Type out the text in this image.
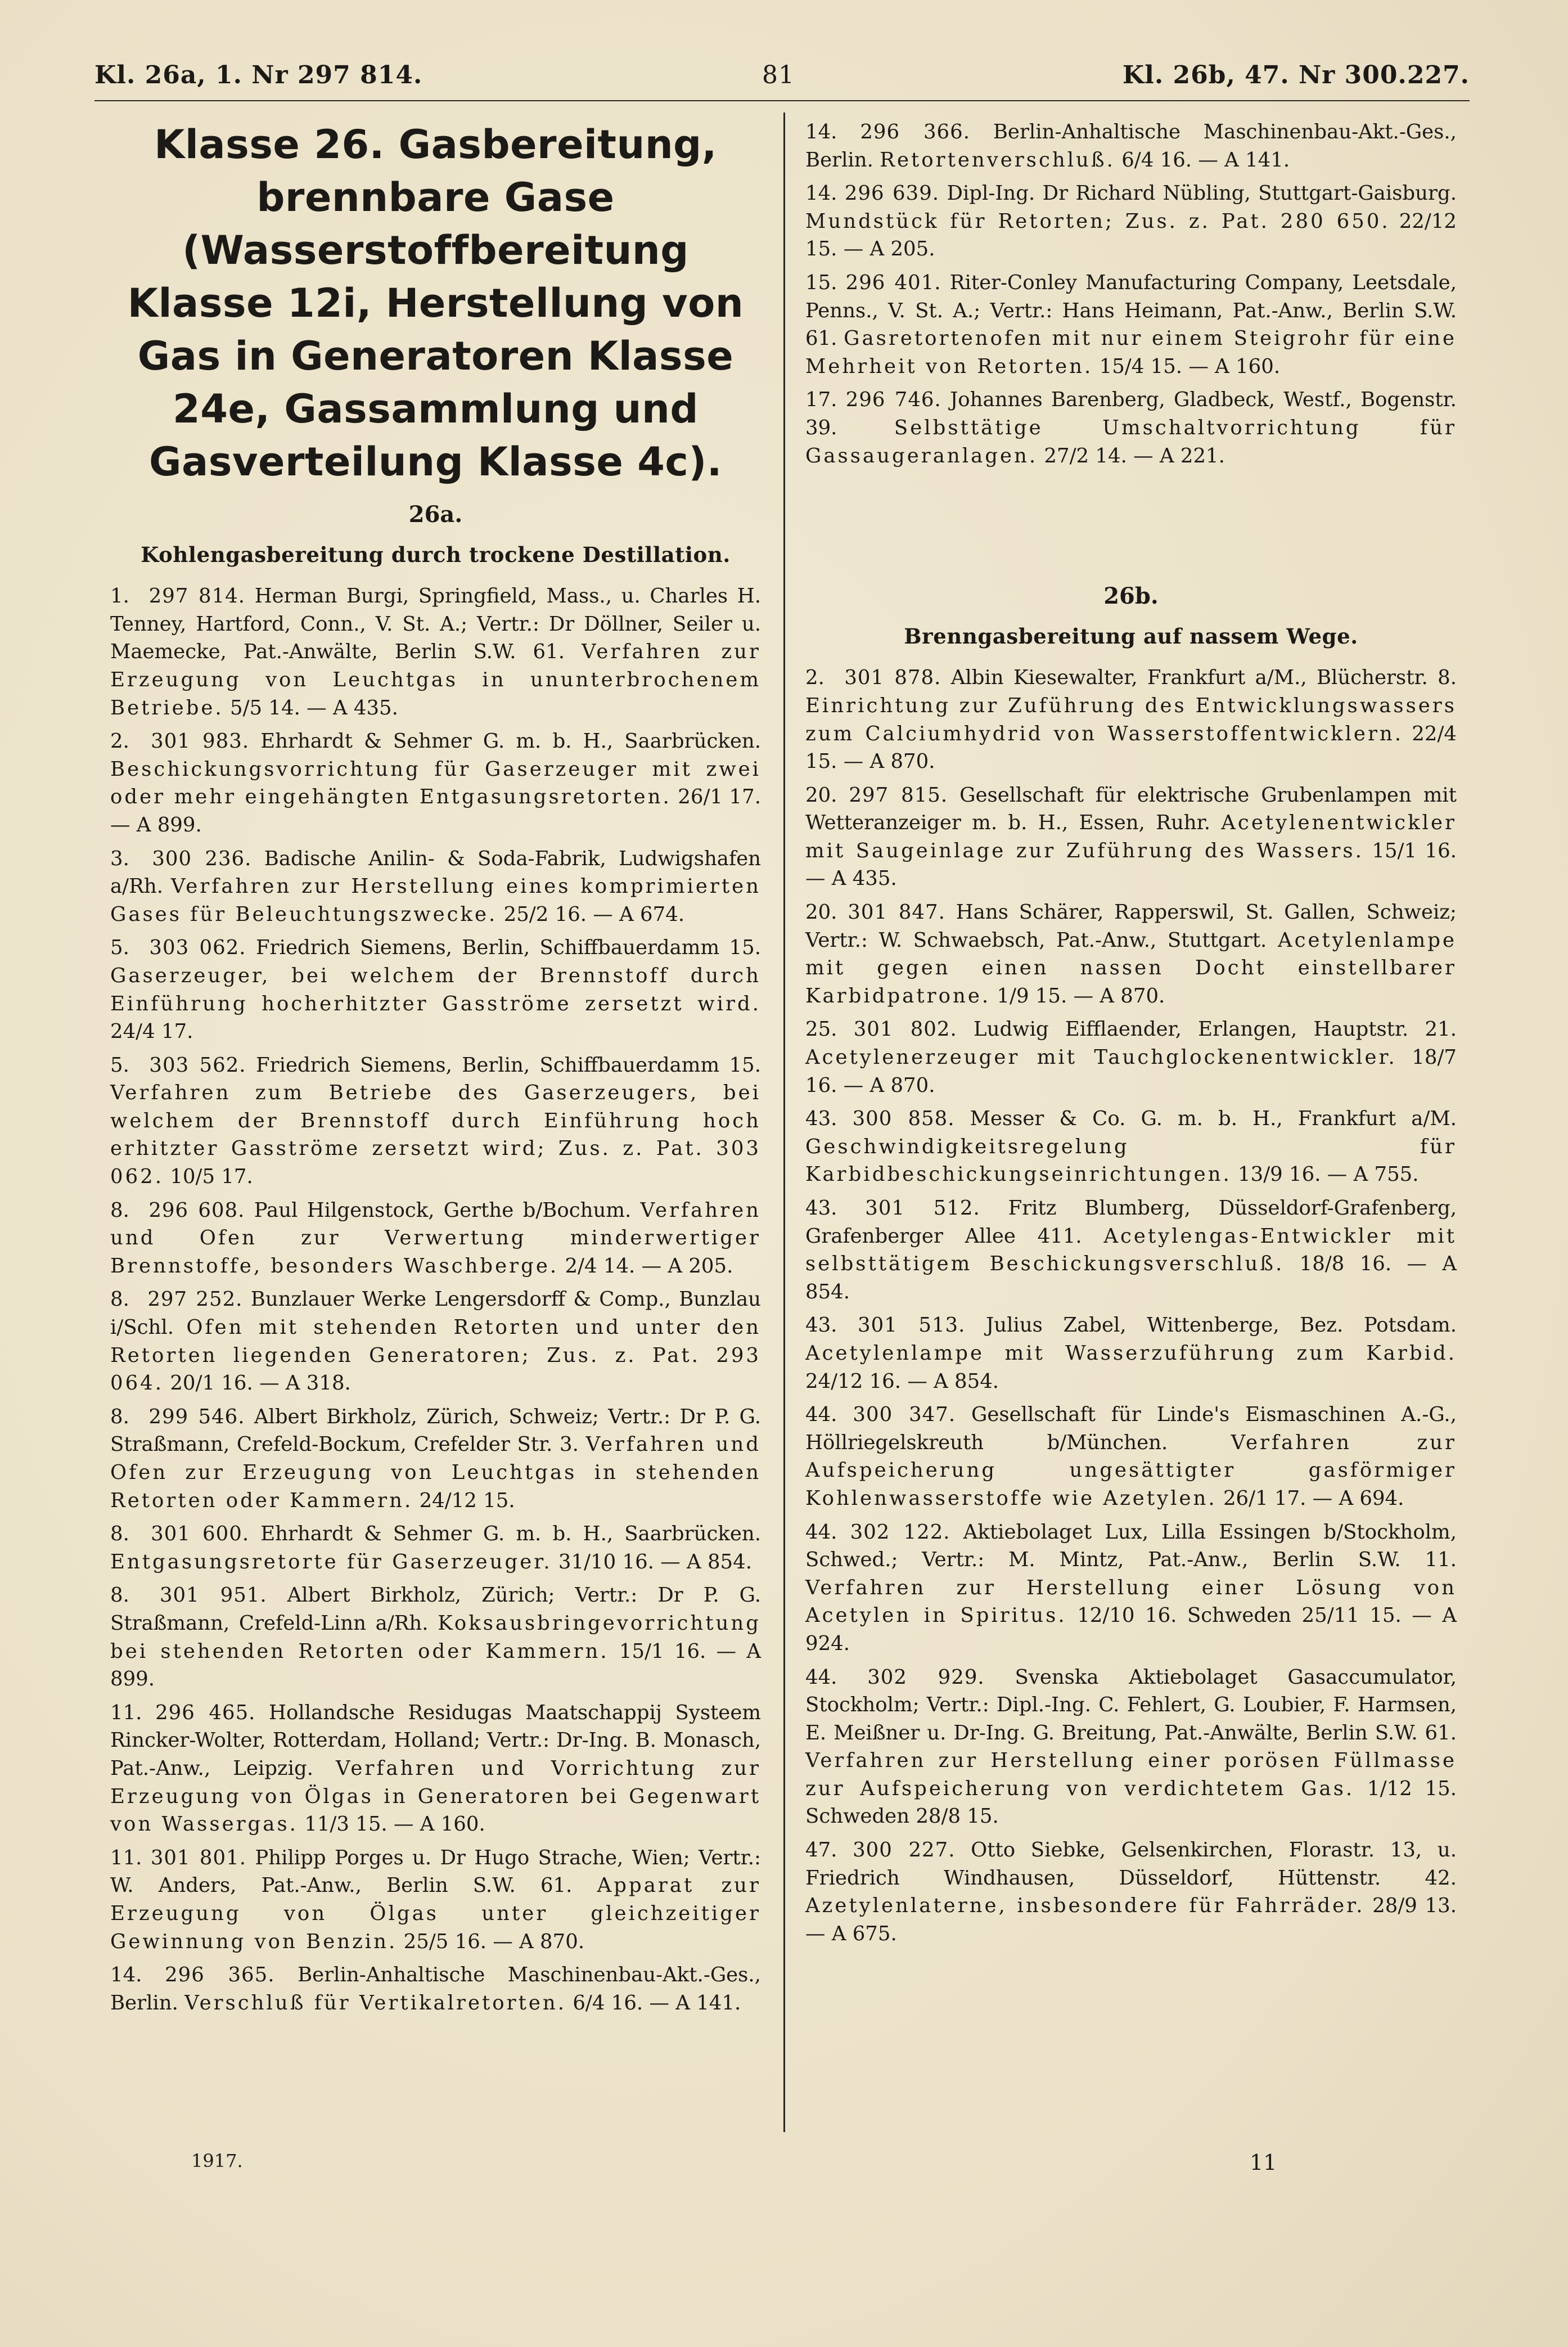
Kl. 26a, 1. Nr 297 814.	81	Kl. 26b, 47. Nr 300.227.
Klasse 26. Gasbereitung, brennbare Gase (Wasserstoffbereitung Klasse 12i, Herstellung von Gas in Generatoren Klasse 24e, Gassammlung und Gasverteilung Klasse 4c).
26a.
Kohlengasbereitung durch trockene Destillation.

1. 297 814. Herman Burgi, Springfield, Mass., u. Charles H. Tenney, Hartford, Conn., V. St. A.; Vertr.: Dr Döllner, Seiler u. Maemecke, Pat.-Anwälte, Berlin S.W. 61. Verfahren zur Erzeugung von Leuchtgas in ununterbrochenem Betriebe. 5/5 14. — A 435.

2. 301 983. Ehrhardt & Sehmer G. m. b. H., Saarbrücken. Beschickungsvorrichtung für Gaserzeuger mit zwei oder mehr eingehängten Entgasungsretorten. 26/1 17. — A 899.

3. 300 236. Badische Anilin- & Soda-Fabrik, Ludwigshafen a/Rh. Verfahren zur Herstellung eines komprimierten Gases für Beleuchtungszwecke. 25/2 16. — A 674.

5. 303 062. Friedrich Siemens, Berlin, Schiffbauerdamm 15. Gaserzeuger, bei welchem der Brennstoff durch Einführung hocherhitzter Gasströme zersetzt wird. 24/4 17.

5. 303 562. Friedrich Siemens, Berlin, Schiffbauerdamm 15. Verfahren zum Betriebe des Gaserzeugers, bei welchem der Brennstoff durch Einführung hoch erhitzter Gasströme zersetzt wird; Zus. z. Pat. 303 062. 10/5 17.

8. 296 608. Paul Hilgenstock, Gerthe b/Bochum. Verfahren und Ofen zur Verwertung minderwertiger Brennstoffe, besonders Waschberge. 2/4 14. — A 205.

8. 297 252. Bunzlauer Werke Lengersdorff & Comp., Bunzlau i/Schl. Ofen mit stehenden Retorten und unter den Retorten liegenden Generatoren; Zus. z. Pat. 293 064. 20/1 16. — A 318.

8. 299 546. Albert Birkholz, Zürich, Schweiz; Vertr.: Dr P. G. Straßmann, Crefeld-Bockum, Crefelder Str. 3. Verfahren und Ofen zur Erzeugung von Leuchtgas in stehenden Retorten oder Kammern. 24/12 15.

8. 301 600. Ehrhardt & Sehmer G. m. b. H., Saarbrücken. Entgasungsretorte für Gaserzeuger. 31/10 16. — A 854.

8. 301 951. Albert Birkholz, Zürich; Vertr.: Dr P. G. Straßmann, Crefeld-Linn a/Rh. Koksausbringevorrichtung bei stehenden Retorten oder Kammern. 15/1 16. — A 899.

11. 296 465. Hollandsche Residugas Maatschappij Systeem Rincker-Wolter, Rotterdam, Holland; Vertr.: Dr-Ing. B. Monasch, Pat.-Anw., Leipzig. Verfahren und Vorrichtung zur Erzeugung von Ölgas in Generatoren bei Gegenwart von Wassergas. 11/3 15. — A 160.

11. 301 801. Philipp Porges u. Dr Hugo Strache, Wien; Vertr.: W. Anders, Pat.-Anw., Berlin S.W. 61. Apparat zur Erzeugung von Ölgas unter gleichzeitiger Gewinnung von Benzin. 25/5 16. — A 870.

14. 296 365. Berlin-Anhaltische Maschinenbau-Akt.-Ges., Berlin. Verschluß für Vertikalretorten. 6/4 16. — A 141.

14. 296 366. Berlin-Anhaltische Maschinenbau-Akt.-Ges., Berlin. Retortenverschluß. 6/4 16. — A 141.

14. 296 639. Dipl-Ing. Dr Richard Nübling, Stuttgart-Gaisburg. Mundstück für Retorten; Zus. z. Pat. 280 650. 22/12 15. — A 205.

15. 296 401. Riter-Conley Manufacturing Company, Leetsdale, Penns., V. St. A.; Vertr.: Hans Heimann, Pat.-Anw., Berlin S.W. 61. Gasretortenofen mit nur einem Steigrohr für eine Mehrheit von Retorten. 15/4 15. — A 160.

17. 296 746. Johannes Barenberg, Gladbeck, Westf., Bogenstr. 39.	Selbsttätige Umschaltvorrichtung für Gassaugeranlagen. 27/2 14. — A 221.

26b.
Brenngasbereitung auf nassem Wege.

2. 301 878. Albin Kiesewalter, Frankfurt a/M., Blücherstr. 8. Einrichtung zur Zuführung des Entwicklungswassers zum Calciumhydrid von Wasserstoffentwicklern. 22/4 15. — A 870.

20. 297 815. Gesellschaft für elektrische Grubenlampen mit Wetteranzeiger m. b. H., Essen, Ruhr. Acetylenentwickler mit Saugeinlage zur Zuführung des Wassers. 15/1 16. — A 435.

20. 301 847. Hans Schärer, Rapperswil, St. Gallen, Schweiz; Vertr.: W. Schwaebsch, Pat.-Anw., Stuttgart. Acetylenlampe mit gegen einen nassen Docht einstellbarer Karbidpatrone. 1/9 15. — A 870.

25. 301 802. Ludwig Eifflaender, Erlangen, Hauptstr. 21. Acetylenerzeuger mit Tauchglockenentwickler. 18/7 16. — A 870.

43. 300 858. Messer & Co. G. m. b. H., Frankfurt a/M. Geschwindigkeitsregelung für Karbidbeschickungseinrichtungen. 13/9 16. — A 755.

43. 301 512. Fritz Blumberg, Düsseldorf-Grafenberg, Grafenberger Allee 411. Acetylengas-Entwickler mit selbsttätigem Beschickungsverschluß. 18/8 16. — A 854.

43. 301 513. Julius Zabel, Wittenberge, Bez. Potsdam. Acetylenlampe mit Wasserzuführung zum Karbid. 24/12 16. — A 854.

44. 300 347. Gesellschaft für Linde's Eismaschinen A.-G., Höllriegelskreuth b/München.	Verfahren zur Aufspeicherung ungesättigter gasförmiger Kohlenwasserstoffe wie Azetylen. 26/1 17. — A 694.

44. 302 122. Aktiebolaget Lux, Lilla Essingen b/Stockholm, Schwed.; Vertr.: M. Mintz, Pat.-Anw., Berlin S.W. 11. Verfahren zur Herstellung einer Lösung von Acetylen in Spiritus. 12/10 16. Schweden 25/11 15. — A 924.

44. 302 929. Svenska Aktiebolaget Gasaccumulator, Stockholm; Vertr.: Dipl.-Ing. C. Fehlert, G. Loubier, F. Harmsen, E. Meißner u. Dr-Ing. G. Breitung, Pat.-Anwälte, Berlin S.W. 61. Verfahren zur Herstellung einer porösen Füllmasse zur Aufspeicherung von verdichtetem Gas. 1/12 15. Schweden 28/8 15.

47. 300 227. Otto Siebke, Gelsenkirchen, Florastr. 13, u. Friedrich Windhausen, Düsseldorf, Hüttenstr. 42. Azetylenlaterne, insbesondere für Fahrräder. 28/9 13. — A 675.

1917.	11
